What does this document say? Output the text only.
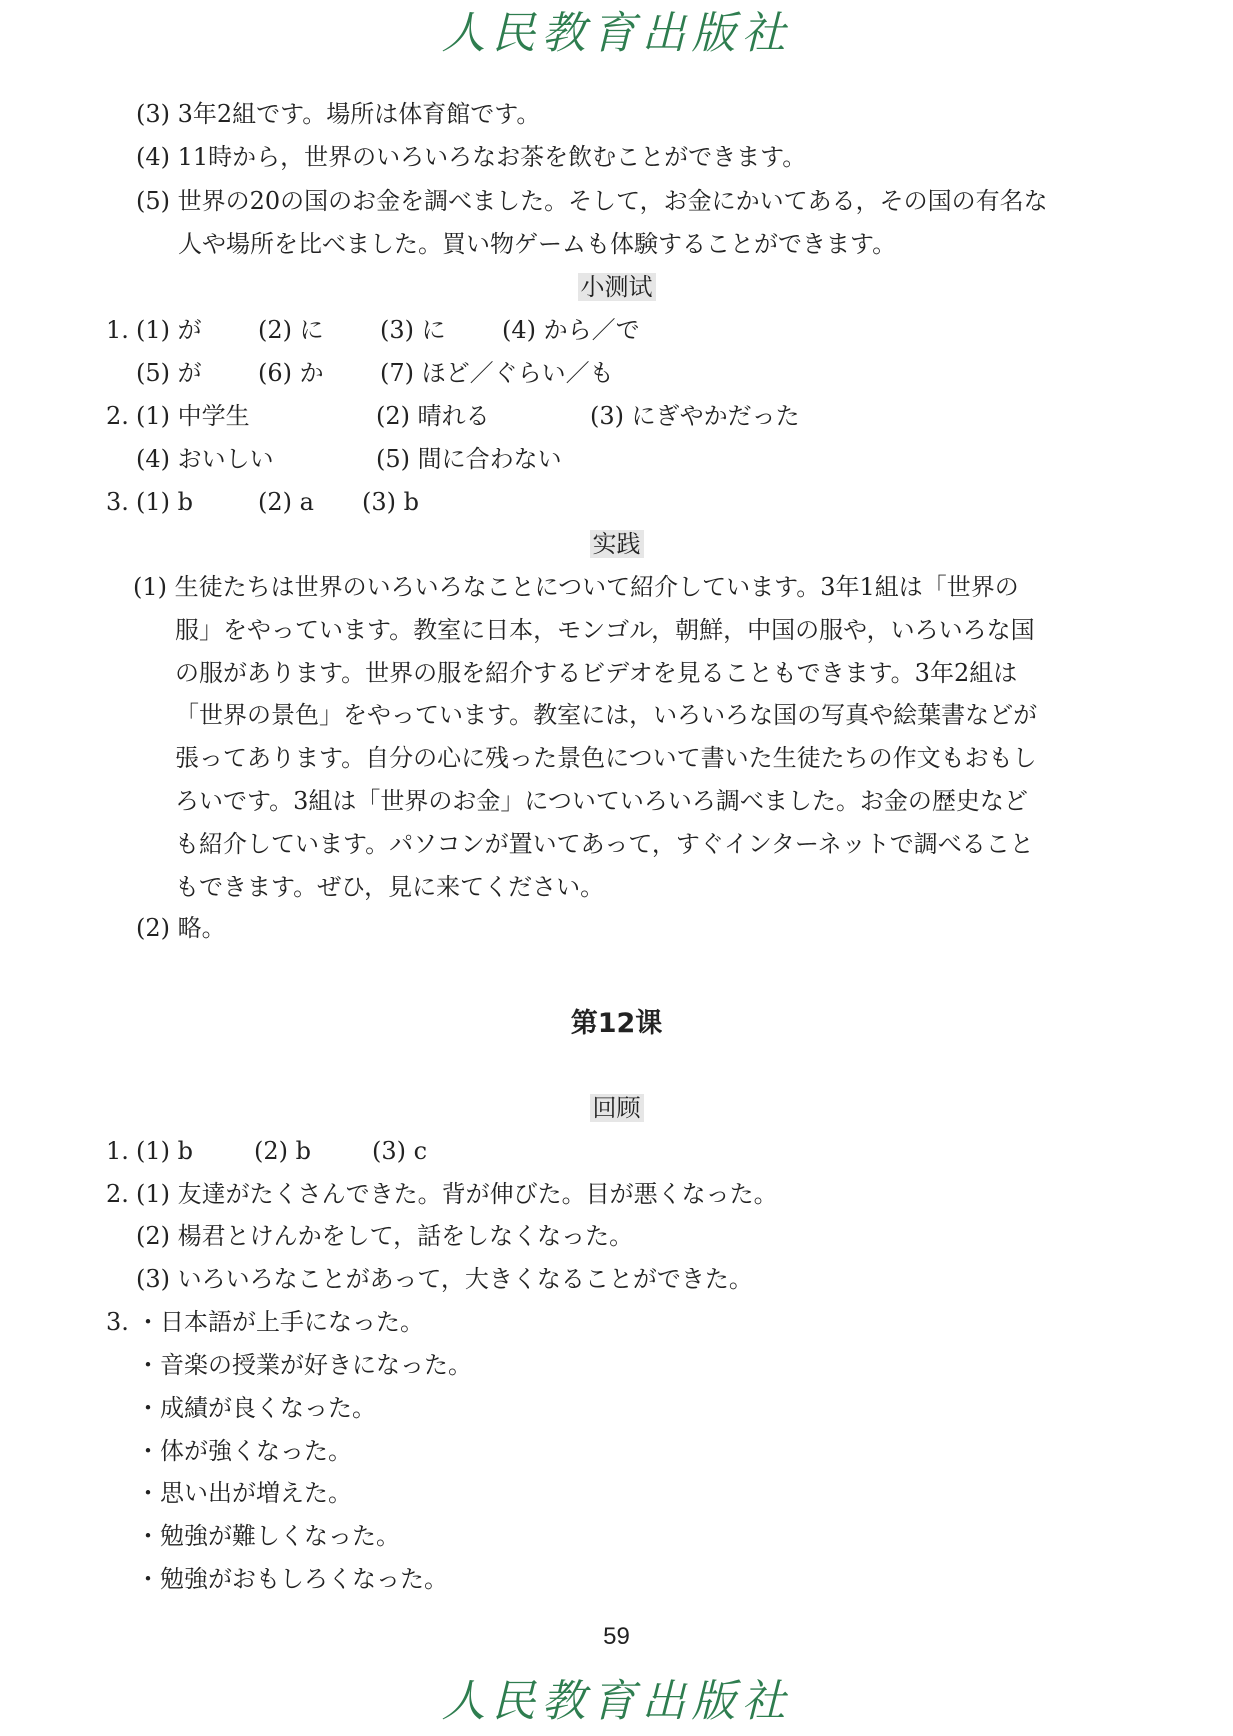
人民教育出版社
(3) 3年2組です。場所は体育館です。
(4) 11時から，世界のいろいろなお茶を飲むことができます。
(5) 世界の20の国のお金を調べました。そして，お金にかいてある，その国の有名な
人や場所を比べました。買い物ゲームも体験することができます。
小测试
1. (1) が (2) に (3) に (4) から／で
(5) が (6) か (7) ほど／ぐらい／も
2. (1) 中学生	(2) 晴れる	(3) にぎやかだった
(4) おいしい	(5) 間に合わない
3. (1) b	(2) a (3) b
实践
(1) 生徒たちは世界のいろいろなことについて紹介しています。3年1組は「世界の
服」をやっています。教室に日本，モンゴル，朝鮮，中国の服や，いろいろな国
の服があります。世界の服を紹介するビデオを見ることもできます。3年2組は
「世界の景色」をやっています。教室には，いろいろな国の写真や絵葉書などが
張ってあります。自分の心に残った景色について書いた生徒たちの作文もおもし
ろいです。3組は「世界のお金」についていろいろ調べました。お金の歴史など
も紹介しています。パソコンが置いてあって，すぐインターネットで調べること
もできます。ぜひ，見に来てください。
(2) 略。
第12课
回顾
1. (1) b	(2) b	(3) c
2. (1) 友達がたくさんできた。背が伸びた。目が悪くなった。
(2) 楊君とけんかをして，話をしなくなった。
(3) いろいろなことがあって，大きくなることができた。
3. ・日本語が上手になった。
・音楽の授業が好きになった。
・成績が良くなった。
・体が強くなった。
・思い出が増えた。
・勉強が難しくなった。
・勉強がおもしろくなった。
59
人民教育出版社
